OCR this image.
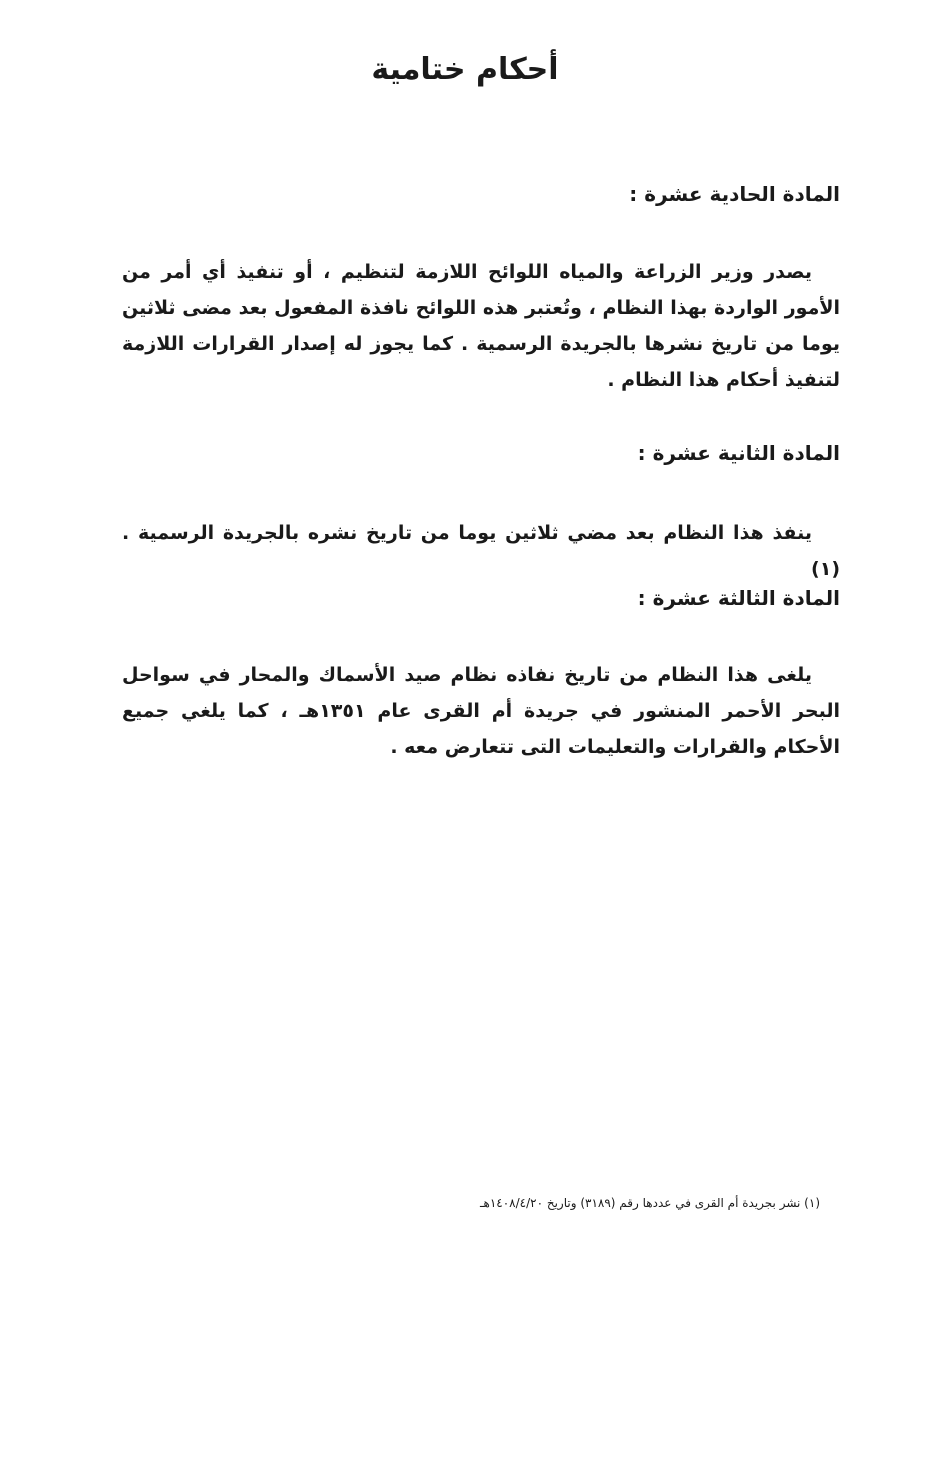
أحكام ختامية
المادة الحادية عشرة :

يصدر وزير الزراعة والمياه اللوائح اللازمة لتنظيم ، أو تنفيذ أي أمر من الأمور الواردة بهذا النظام ، وتُعتبر هذه اللوائح نافذة المفعول بعد مضى ثلاثين يوما من تاريخ نشرها بالجريدة الرسمية . كما يجوز له إصدار القرارات اللازمة لتنفيذ أحكام هذا النظام .

المادة الثانية عشرة :

ينفذ هذا النظام بعد مضي ثلاثين يوما من تاريخ نشره بالجريدة الرسمية . (١)

المادة الثالثة عشرة :

يلغى هذا النظام من تاريخ نفاذه نظام صيد الأسماك والمحار في سواحل البحر الأحمر المنشور في جريدة أم القرى عام ١٣٥١هـ ، كما يلغي جميع الأحكام والقرارات والتعليمات التى تتعارض معه .

(١) نشر بجريدة أم القرى في عددها رقم (٣١٨٩) وتاريخ ١٤٠٨/٤/٢٠هـ
